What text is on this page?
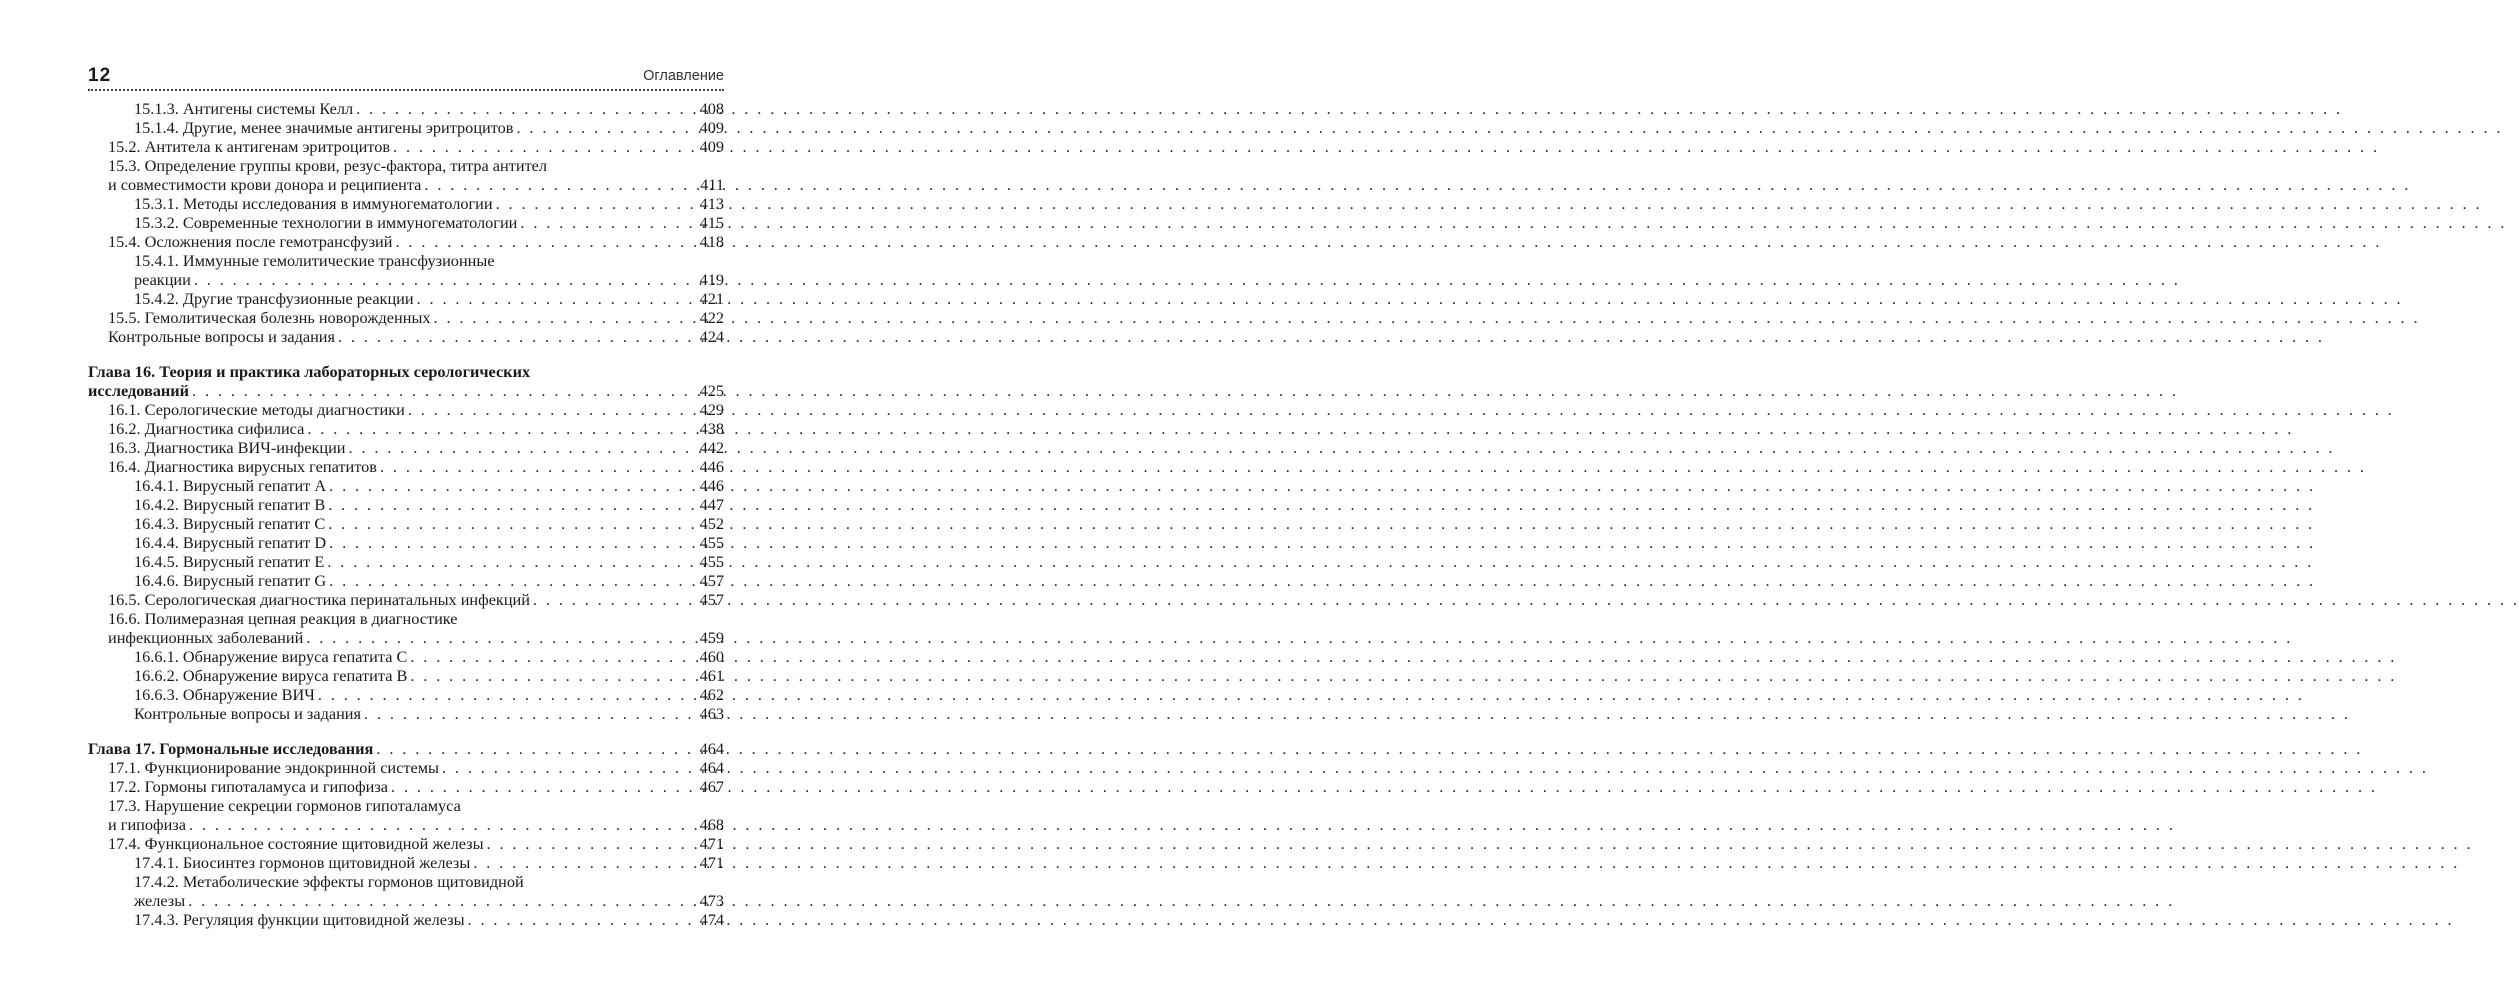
12	Оглавление
15.1.3. Антигены системы Келл . . .	408
15.1.4. Другие, менее значимые антигены эритроцитов . . .	409
15.2. Антитела к антигенам эритроцитов . . .	409
15.3. Определение группы крови, резус-фактора, титра антител
и совместимости крови донора и реципиента . . .	411
15.3.1. Методы исследования в иммуногематологии . . .	413
15.3.2. Современные технологии в иммуногематологии . . .	415
15.4. Осложнения после гемотрансфузий . . .	418
15.4.1. Иммунные гемолитические трансфузионные
реакции . . .	419
15.4.2. Другие трансфузионные реакции . . .	421
15.5. Гемолитическая болезнь новорожденных . . .	422
Контрольные вопросы и задания . . .	424
Глава 16. Теория и практика лабораторных серологических
исследований . . .	425
16.1. Серологические методы диагностики . . .	429
16.2. Диагностика сифилиса . . .	438
16.3. Диагностика ВИЧ-инфекции . . .	442
16.4. Диагностика вирусных гепатитов . . .	446
16.4.1. Вирусный гепатит А . . .	446
16.4.2. Вирусный гепатит В . . .	447
16.4.3. Вирусный гепатит С . . .	452
16.4.4. Вирусный гепатит D . . .	455
16.4.5. Вирусный гепатит Е . . .	455
16.4.6. Вирусный гепатит G . . .	457
16.5. Серологическая диагностика перинатальных инфекций . . .	457
16.6. Полимеразная цепная реакция в диагностике
инфекционных заболеваний . . .	459
16.6.1. Обнаружение вируса гепатита С . . .	460
16.6.2. Обнаружение вируса гепатита В . . .	461
16.6.3. Обнаружение ВИЧ . . .	462
Контрольные вопросы и задания . . .	463
Глава 17. Гормональные исследования . . .	464
17.1. Функционирование эндокринной системы . . .	464
17.2. Гормоны гипоталамуса и гипофиза . . .	467
17.3. Нарушение секреции гормонов гипоталамуса
и гипофиза . . .	468
17.4. Функциональное состояние щитовидной железы . . .	471
17.4.1. Биосинтез гормонов щитовидной железы . . .	471
17.4.2. Метаболические эффекты гормонов щитовидной
железы . . .	473
17.4.3. Регуляция функции щитовидной железы . . .	474
